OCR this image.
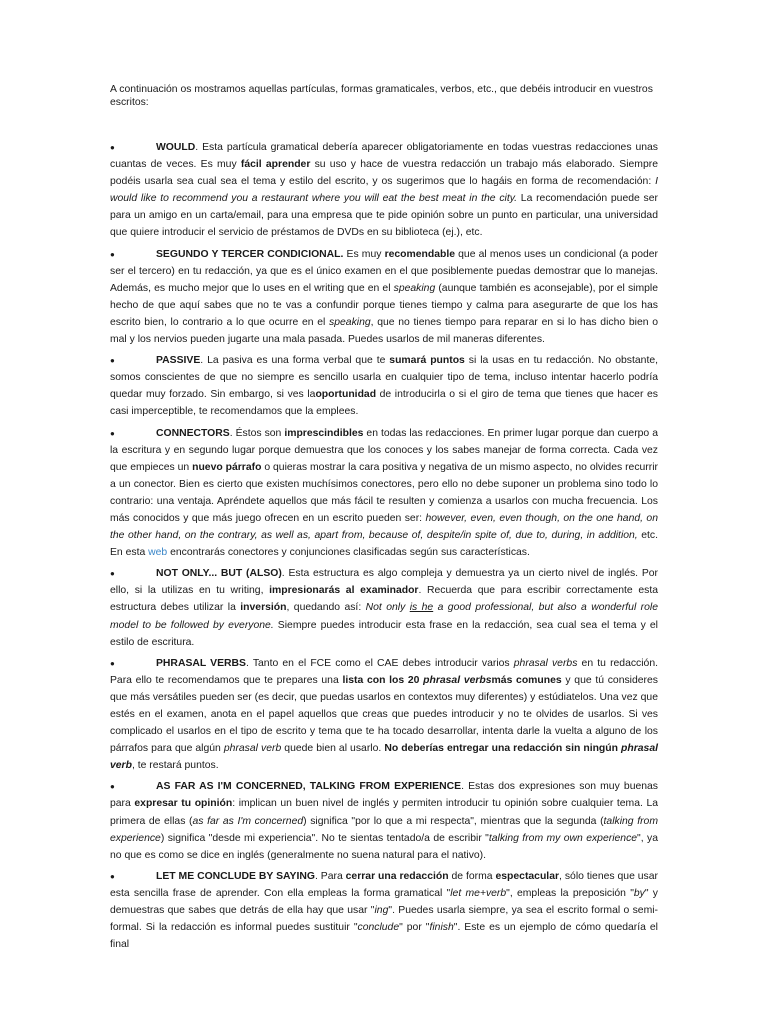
A continuación os mostramos aquellas partículas, formas gramaticales, verbos, etc., que debéis introducir en vuestros escritos:

●	WOULD. Esta partícula gramatical debería aparecer obligatoriamente en todas vuestras redacciones unas cuantas de veces. Es muy fácil aprender su uso y hace de vuestra redacción un trabajo más elaborado. Siempre podéis usarla sea cual sea el tema y estilo del escrito, y os sugerimos que lo hagáis en forma de recomendación: I would like to recommend you a restaurant where you will eat the best meat in the city. La recomendación puede ser para un amigo en un carta/email, para una empresa que te pide opinión sobre un punto en particular, una universidad que quiere introducir el servicio de préstamos de DVDs en su biblioteca (ej.), etc.

●	SEGUNDO Y TERCER CONDICIONAL. Es muy recomendable que al menos uses un condicional (a poder ser el tercero) en tu redacción, ya que es el único examen en el que posiblemente puedas demostrar que lo manejas. Además, es mucho mejor que lo uses en el writing que en el speaking (aunque también es aconsejable), por el simple hecho de que aquí sabes que no te vas a confundir porque tienes tiempo y calma para asegurarte de que los has escrito bien, lo contrario a lo que ocurre en el speaking, que no tienes tiempo para reparar en si lo has dicho bien o mal y los nervios pueden jugarte una mala pasada. Puedes usarlos de mil maneras diferentes.

●	PASSIVE. La pasiva es una forma verbal que te sumará puntos si la usas en tu redacción. No obstante, somos conscientes de que no siempre es sencillo usarla en cualquier tipo de tema, incluso intentar hacerlo podría quedar muy forzado. Sin embargo, si ves laoportunidad de introducirla o si el giro de tema que tienes que hacer es casi imperceptible, te recomendamos que la emplees.

●	CONNECTORS. Éstos son imprescindibles en todas las redacciones. En primer lugar porque dan cuerpo a la escritura y en segundo lugar porque demuestra que los conoces y los sabes manejar de forma correcta. Cada vez que empieces un nuevo párrafo o quieras mostrar la cara positiva y negativa de un mismo aspecto, no olvides recurrir a un conector. Bien es cierto que existen muchísimos conectores, pero ello no debe suponer un problema sino todo lo contrario: una ventaja. Apréndete aquellos que más fácil te resulten y comienza a usarlos con mucha frecuencia. Los más conocidos y que más juego ofrecen en un escrito pueden ser: however, even, even though, on the one hand, on the other hand, on the contrary, as well as, apart from, because of, despite/in spite of, due to, during, in addition, etc. En esta web encontrarás conectores y conjunciones clasificadas según sus características.

●	NOT ONLY... BUT (ALSO). Esta estructura es algo compleja y demuestra ya un cierto nivel de inglés. Por ello, si la utilizas en tu writing, impresionarás al examinador. Recuerda que para escribir correctamente esta estructura debes utilizar la inversión, quedando así: Not only is he a good professional, but also a wonderful role model to be followed by everyone. Siempre puedes introducir esta frase en la redacción, sea cual sea el tema y el estilo de escritura.

●	PHRASAL VERBS. Tanto en el FCE como el CAE debes introducir varios phrasal verbs en tu redacción. Para ello te recomendamos que te prepares una lista con los 20 phrasal verbsmás comunes y que tú consideres que más versátiles pueden ser (es decir, que puedas usarlos en contextos muy diferentes) y estúdiatelos. Una vez que estés en el examen, anota en el papel aquellos que creas que puedes introducir y no te olvides de usarlos. Si ves complicado el usarlos en el tipo de escrito y tema que te ha tocado desarrollar, intenta darle la vuelta a alguno de los párrafos para que algún phrasal verb quede bien al usarlo. No deberías entregar una redacción sin ningún phrasal verb, te restará puntos.

●	AS FAR AS I'M CONCERNED, TALKING FROM EXPERIENCE. Estas dos expresiones son muy buenas para expresar tu opinión: implican un buen nivel de inglés y permiten introducir tu opinión sobre cualquier tema. La primera de ellas (as far as I'm concerned) significa "por lo que a mi respecta", mientras que la segunda (talking from experience) significa "desde mi experiencia". No te sientas tentado/a de escribir "talking from my own experience", ya no que es como se dice en inglés (generalmente no suena natural para el nativo).

●	LET ME CONCLUDE BY SAYING. Para cerrar una redacción de forma espectacular, sólo tienes que usar esta sencilla frase de aprender. Con ella empleas la forma gramatical "let me+verb", empleas la preposición "by" y demuestras que sabes que detrás de ella hay que usar "ing". Puedes usarla siempre, ya sea el escrito formal o semi-formal. Si la redacción es informal puedes sustituir "conclude" por "finish". Este es un ejemplo de cómo quedaría el final
